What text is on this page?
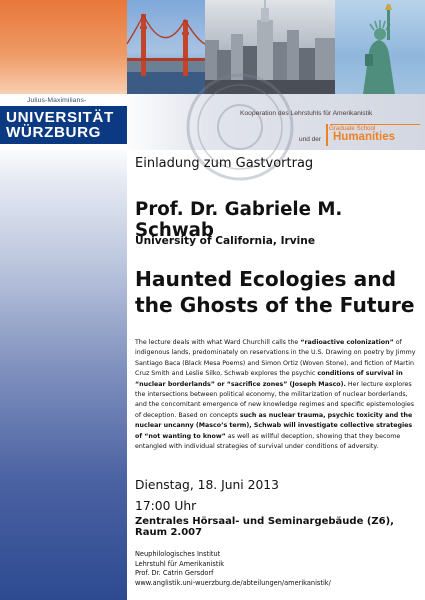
Julius-Maximilians-
UNIVERSITÄT
WÜRZBURG
Kooperation des Lehrstuhls für Amerikanistik
und der
Graduate School
Humanities
Einladung zum Gastvortrag
Prof. Dr. Gabriele M. Schwab
University of California, Irvine
Haunted Ecologies and
the Ghosts of the Future
The lecture deals with what Ward Churchill calls the “radioactive colonization” of indigenous lands, predominately on reservations in the U.S. Drawing on poetry by Jimmy Santiago Baca (Black Mesa Poems) and Simon Ortiz (Woven Stone), and fiction of Martin Cruz Smith and Leslie Silko, Schwab explores the psychic conditions of survival in “nuclear borderlands” or “sacrifice zones” (Joseph Masco). Her lecture explores the intersections between political economy, the militarization of nuclear borderlands, and the concomitant emergence of new knowledge regimes and specific epistemologies of deception. Based on concepts such as nuclear trauma, psychic toxicity and the nuclear uncanny (Masco’s term), Schwab will investigate collective strategies of “not wanting to know” as well as willful deception, showing that they become entangled with individual strategies of survival under conditions of adversity.
Dienstag, 18. Juni 2013
17:00 Uhr
Zentrales Hörsaal- und Seminargebäude (Z6), Raum 2.007
Neuphilologisches Institut
Lehrstuhl für Amerikanistik
Prof. Dr. Catrin Gersdorf
www.anglistik.uni-wuerzburg.de/abteilungen/amerikanistik/
